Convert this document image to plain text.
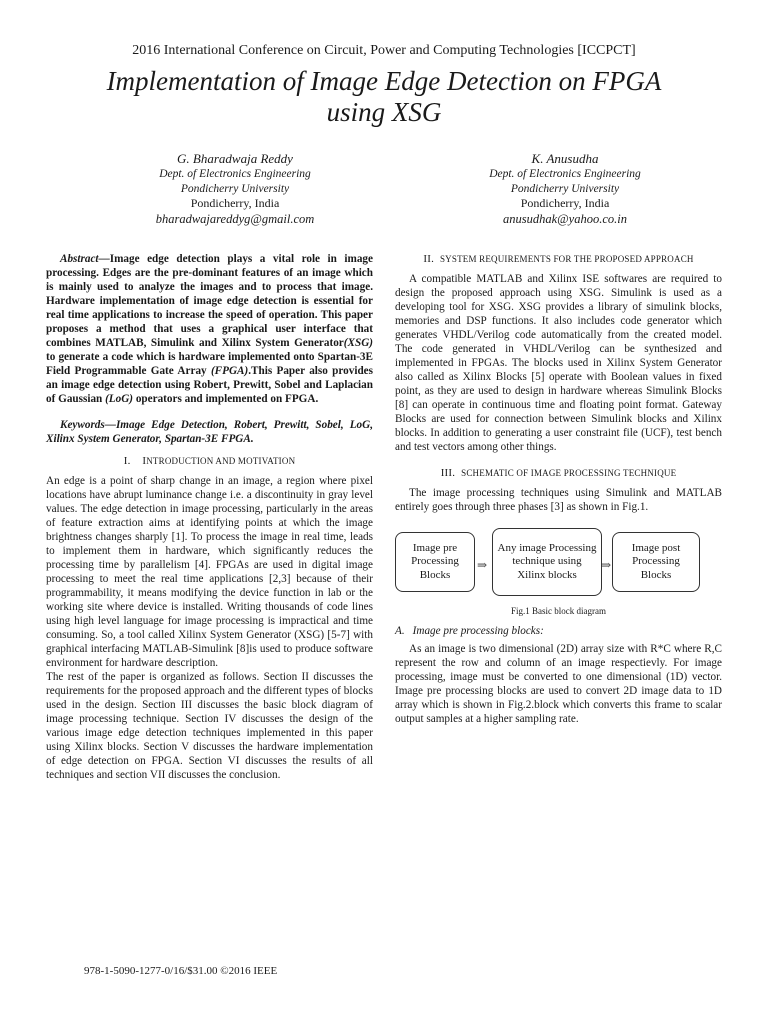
2016 International Conference on Circuit, Power and Computing Technologies [ICCPCT]
Implementation of Image Edge Detection on FPGA
using XSG
G. Bharadwaja Reddy
Dept. of Electronics Engineering
Pondicherry University
Pondicherry, India
bharadwajareddyg@gmail.com
K. Anusudha
Dept. of Electronics Engineering
Pondicherry University
Pondicherry, India
anusudhak@yahoo.co.in

Abstract—Image edge detection plays a vital role in image processing. Edges are the pre-dominant features of an image which is mainly used to analyze the images and to process that image. Hardware implementation of image edge detection is essential for real time applications to increase the speed of operation. This paper proposes a method that uses a graphical user interface that combines MATLAB, Simulink and Xilinx System Generator(XSG) to generate a code which is hardware implemented onto Spartan-3E Field Programmable Gate Array (FPGA).This Paper also provides an image edge detection using Robert, Prewitt, Sobel and Laplacian of Gaussian (LoG) operators and implemented on FPGA.

Keywords—Image Edge Detection, Robert, Prewitt, Sobel, LoG, Xilinx System Generator, Spartan-3E FPGA.

I. INTRODUCTION AND MOTIVATION

An edge is a point of sharp change in an image, a region where pixel locations have abrupt luminance change i.e. a discontinuity in gray level values. The edge detection in image processing, particularly in the areas of feature extraction aims at identifying points at which the image brightness changes sharply [1]. To process the image in real time, leads to implement them in hardware, which significantly reduces the processing time by parallelism [4]. FPGAs are used in digital image processing to meet the real time applications [2,3] because of their programmability, it means modifying the device function in lab or the working site where device is installed. Writing thousands of code lines using high level language for image processing is impractical and time consuming. So, a tool called Xilinx System Generator (XSG) [5-7] with graphical interfacing MATLAB-Simulink [8]is used to produce software environment for hardware description.

The rest of the paper is organized as follows. Section II discusses the requirements for the proposed approach and the different types of blocks used in the design. Section III discusses the basic block diagram of image processing technique. Section IV discusses the design of the various image edge detection techniques implemented in this paper using Xilinx blocks. Section V discusses the hardware implementation of edge detection on FPGA. Section VI discusses the results of all techniques and section VII discusses the conclusion.

II. SYSTEM REQUIREMENTS FOR THE PROPOSED APPROACH

A compatible MATLAB and Xilinx ISE softwares are required to design the proposed approach using XSG. Simulink is used as a developing tool for XSG. XSG provides a library of simulink blocks, memories and DSP functions. It also includes code generator which generates VHDL/Verilog code automatically from the created model. The code generated in VHDL/Verilog can be synthesized and implemented in FPGAs. The blocks used in Xilinx System Generator also called as Xilinx Blocks [5] operate with Boolean values in fixed point, as they are used to design in hardware whereas Simulink Blocks [8] can operate in continuous time and floating point format. Gateway Blocks are used for connection between Simulink blocks and Xilinx blocks. In addition to generating a user constraint file (UCF), test bench and test vectors among other things.

III. SCHEMATIC OF IMAGE PROCESSING TECHNIQUE

The image processing techniques using Simulink and MATLAB entirely goes through three phases [3] as shown in Fig.1.

Image pre Processing Blocks
⇒
Any image Processing technique using Xilinx blocks
⇒
Image post Processing Blocks
Fig.1 Basic block diagram
A. Image pre processing blocks:

As an image is two dimensional (2D) array size with R*C where R,C represent the row and column of an image respectievly. For image processing, image must be converted to one dimensional (1D) vector. Image pre processing blocks are used to convert 2D image data to 1D array which is shown in Fig.2.block which converts this frame to scalar output samples at a higher sampling rate.

978-1-5090-1277-0/16/$31.00 ©2016 IEEE
